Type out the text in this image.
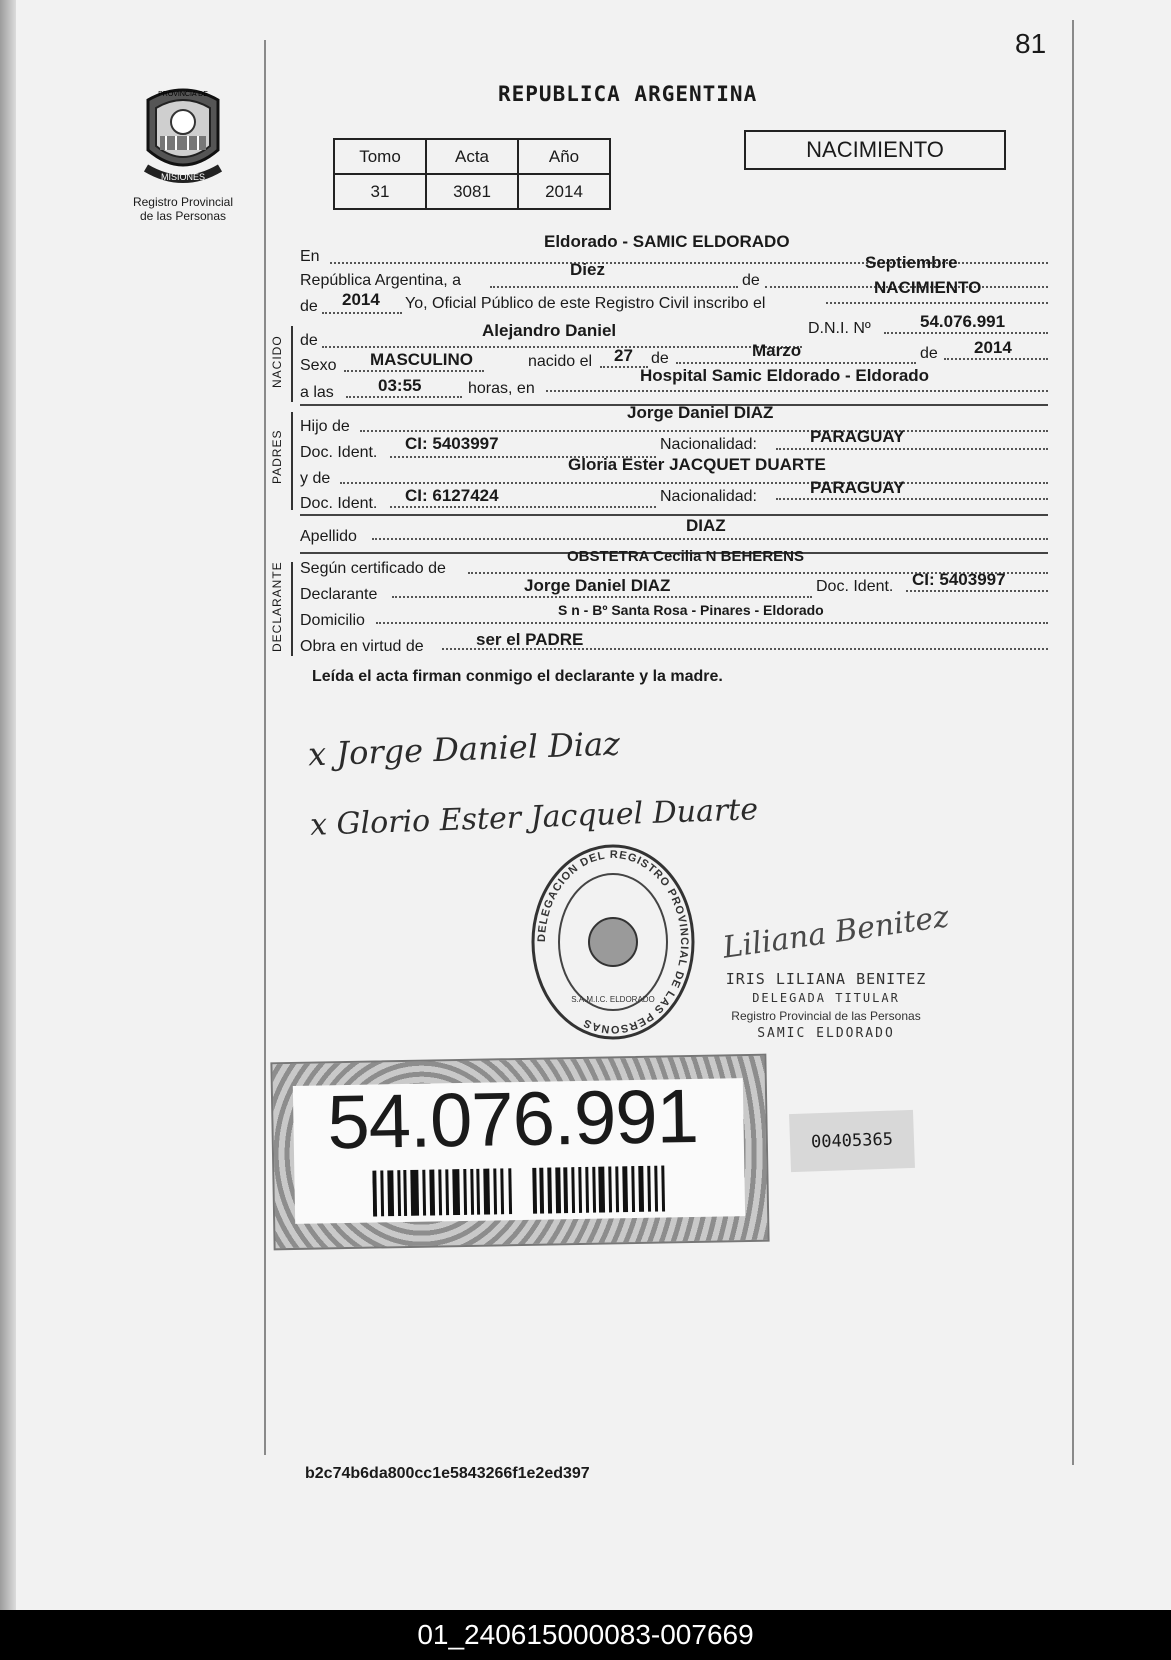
81
PROVINCIA DE
MISIONES
Registro Provincial
de las Personas
REPUBLICA ARGENTINA
Tomo	Acta	Año
31	3081	2014
NACIMIENTO
En
Eldorado - SAMIC ELDORADO
República Argentina, a
Diez
de
Septiembre
de 2014 Yo, Oficial Público de este Registro Civil inscribo el
NACIMIENTO
NACIDO de
Alejandro Daniel	D.N.I. Nº	54.076.991
Sexo MASCULINO	nacido el 27 de	Marzo	de 2014
a las	03:55	horas, en
Hospital Samic Eldorado - Eldorado
PADRES
Hijo de
Jorge Daniel DIAZ
Doc. Ident. CI: 5403997	Nacionalidad:	PARAGUAY
y de
Gloria Ester JACQUET DUARTE
Doc. Ident. CI: 6127424	Nacionalidad:	PARAGUAY
Apellido
DIAZ
DECLARANTE Según certificado de
OBSTETRA Cecilia N BEHERENS
Declarante	Jorge Daniel DIAZ	Doc. Ident. CI: 5403997
Domicilio
S n - Bº Santa Rosa - Pinares - Eldorado
Obra en virtud de	ser el PADRE
Leída el acta firman conmigo el declarante y la madre.
x Jorge Daniel Diaz
x Glorio Ester Jacquel Duarte
DELEGACION DEL REGISTRO PROVINCIAL DE LAS PERSONAS
S.A.M.I.C. ELDORADO
Liliana Benitez
IRIS LILIANA BENITEZ
DELEGADA TITULAR
Registro Provincial de las Personas
SAMIC ELDORADO
54.076.991	00405365
b2c74b6da800cc1e5843266f1e2ed397
01_240615000083-007669
